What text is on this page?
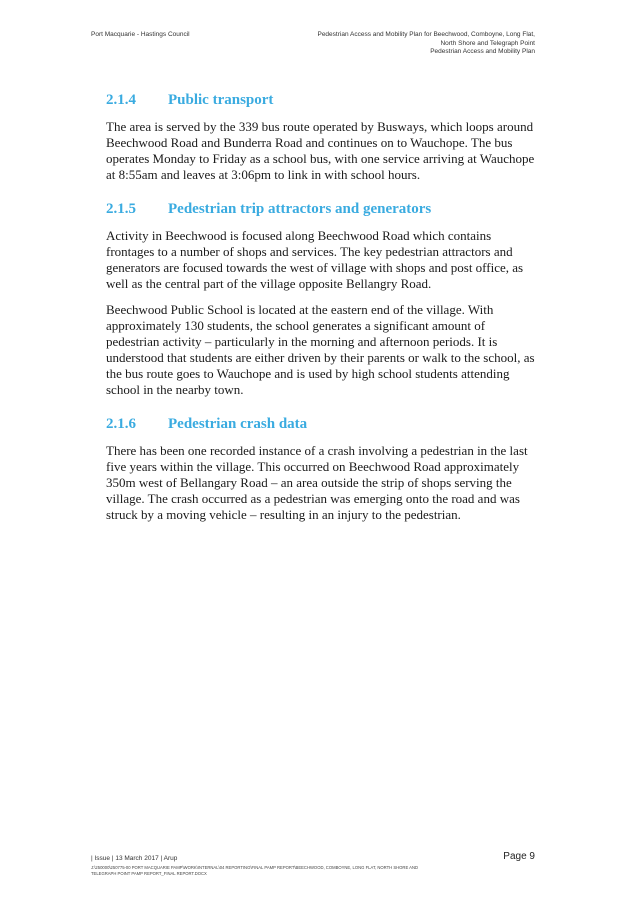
Port Macquarie - Hastings Council	Pedestrian Access and Mobility Plan for Beechwood, Comboyne, Long Flat,
North Shore and Telegraph Point
Pedestrian Access and Mobility Plan
2.1.4	Public transport
The area is served by the 339 bus route operated by Busways, which loops around
Beechwood Road and Bunderra Road and continues on to Wauchope. The bus
operates Monday to Friday as a school bus, with one service arriving at Wauchope
at 8:55am and leaves at 3:06pm to link in with school hours.
2.1.5	Pedestrian trip attractors and generators
Activity in Beechwood is focused along Beechwood Road which contains
frontages to a number of shops and services. The key pedestrian attractors and
generators are focused towards the west of village with shops and post office, as
well as the central part of the village opposite Bellangry Road.
Beechwood Public School is located at the eastern end of the village. With
approximately 130 students, the school generates a significant amount of
pedestrian activity – particularly in the morning and afternoon periods. It is
understood that students are either driven by their parents or walk to the school, as
the bus route goes to Wauchope and is used by high school students attending
school in the nearby town.
2.1.6	Pedestrian crash data
There has been one recorded instance of a crash involving a pedestrian in the last
five years within the village. This occurred on Beechwood Road approximately
350m west of Bellangary Road – an area outside the strip of shops serving the
village. The crash occurred as a pedestrian was emerging onto the road and was
struck by a moving vehicle – resulting in an injury to the pedestrian.
| Issue | 13 March 2017 | Arup
J:\250000\250775-00 PORT MACQUARIE PAMP\WORK\INTERNAL\04 REPORTING\FINAL PAMP REPORT\BEECHWOOD, COMBOYNE, LONG FLAT, NORTH SHORE AND
TELEGRAPH POINT PAMP REPORT_FINAL REPORT.DOCX
Page 9
